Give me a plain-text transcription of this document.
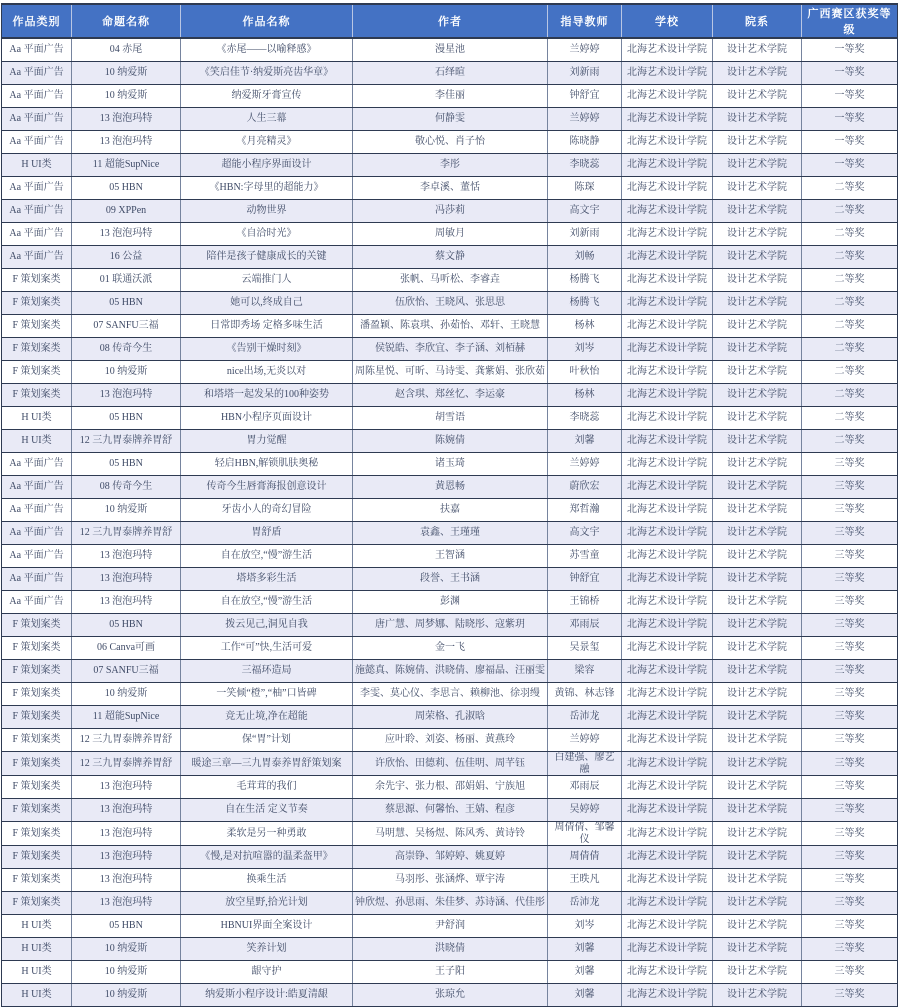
作品类别	命题名称	作品名称	作者	指导教师	学校	院系	广西赛区获奖等级
Aa 平面广告	04 赤尾	《赤尾——以喻释感》	漫星池	兰婷婷	北海艺术设计学院	设计艺术学院	一等奖
Aa 平面广告	10 纳爱斯	《笑启佳节·纳爱斯亮齿华章》	石绎暄	刘新雨	北海艺术设计学院	设计艺术学院	一等奖
Aa 平面广告	10 纳爱斯	纳爱斯牙膏宣传	李佳丽	钟舒宜	北海艺术设计学院	设计艺术学院	一等奖
Aa 平面广告	13 泡泡玛特	人生三幕	何静雯	兰婷婷	北海艺术设计学院	设计艺术学院	一等奖
Aa 平面广告	13 泡泡玛特	《月亮精灵》	敬心悦、肖子怡	陈晓静	北海艺术设计学院	设计艺术学院	一等奖
H UI类	11 超能SupNice	超能小程序界面设计	李彤	李晓蕊	北海艺术设计学院	设计艺术学院	一等奖
Aa 平面广告	05 HBN	《HBN:字母里的超能力》	李卓溪、董恬	陈琛	北海艺术设计学院	设计艺术学院	二等奖
Aa 平面广告	09 XPPen	动物世界	冯莎莉	高文宇	北海艺术设计学院	设计艺术学院	二等奖
Aa 平面广告	13 泡泡玛特	《自洽时光》	周敏月	刘新雨	北海艺术设计学院	设计艺术学院	二等奖
Aa 平面广告	16 公益	陪伴是孩子健康成长的关键	蔡文静	刘畅	北海艺术设计学院	设计艺术学院	二等奖
F 策划案类	01 联通沃派	云端推门人	张帆、马听松、李睿垚	杨腾飞	北海艺术设计学院	设计艺术学院	二等奖
F 策划案类	05 HBN	她可以,终成自己	伍欣怡、王晓风、张思思	杨腾飞	北海艺术设计学院	设计艺术学院	二等奖
F 策划案类	07 SANFU三福	日常即秀场 定格多味生活	潘盈颖、陈袁琪、孙茹怡、邓轩、王晓慧	杨林	北海艺术设计学院	设计艺术学院	二等奖
F 策划案类	08 传奇今生	《告别干燥时刻》	侯锐皓、李欣宜、李子涵、刘栢赫	刘岑	北海艺术设计学院	设计艺术学院	二等奖
F 策划案类	10 纳爱斯	nice出场,无炎以对	周陈星悦、可昕、马诗雯、龚紫娟、张欣茹	叶秋怡	北海艺术设计学院	设计艺术学院	二等奖
F 策划案类	13 泡泡玛特	和塔塔一起发呆的100种姿势	赵含琪、郑丝忆、李运豪	杨林	北海艺术设计学院	设计艺术学院	二等奖
H UI类	05 HBN	HBN小程序页面设计	胡雪语	李晓蕊	北海艺术设计学院	设计艺术学院	二等奖
H UI类	12 三九胃泰牌养胃舒	胃力觉醒	陈婉倩	刘馨	北海艺术设计学院	设计艺术学院	二等奖
Aa 平面广告	05 HBN	轻启HBN,解锁肌肤奥秘	诸玉琦	兰婷婷	北海艺术设计学院	设计艺术学院	三等奖
Aa 平面广告	08 传奇今生	传奇今生唇膏海报创意设计	黄恩畅	蔚欣宏	北海艺术设计学院	设计艺术学院	三等奖
Aa 平面广告	10 纳爱斯	牙齿小人的奇幻冒险	扶嘉	郑哲瀚	北海艺术设计学院	设计艺术学院	三等奖
Aa 平面广告	12 三九胃泰牌养胃舒	胃舒盾	袁鑫、王瑾瑾	高文宇	北海艺术设计学院	设计艺术学院	三等奖
Aa 平面广告	13 泡泡玛特	自在放空,“慢”游生活	王智涵	苏雪童	北海艺术设计学院	设计艺术学院	三等奖
Aa 平面广告	13 泡泡玛特	塔塔多彩生活	段誉、王书涵	钟舒宜	北海艺术设计学院	设计艺术学院	三等奖
Aa 平面广告	13 泡泡玛特	自在放空,“慢”游生活	彭渊	王锦桥	北海艺术设计学院	设计艺术学院	三等奖
F 策划案类	05 HBN	拨云见己,洞见自我	唐广慧、周梦娜、陆晓彤、寇紫玥	邓雨辰	北海艺术设计学院	设计艺术学院	三等奖
F 策划案类	06 Canva可画	工作“可”快,生活可爱	金一飞	吴景玺	北海艺术设计学院	设计艺术学院	三等奖
F 策划案类	07 SANFU三福	三福环造局	施懿真、陈婉倩、洪晓倩、廖福晶、汪丽雯	梁容	北海艺术设计学院	设计艺术学院	三等奖
F 策划案类	10 纳爱斯	一笑倾“橙”,“柚”口皆碑	李雯、莫心仪、李思言、赖柳池、徐羽缦	黄锦、林志锋	北海艺术设计学院	设计艺术学院	三等奖
F 策划案类	11 超能SupNice	竞无止境,净在超能	周荣格、孔淑晗	岳沛龙	北海艺术设计学院	设计艺术学院	三等奖
F 策划案类	12 三九胃泰牌养胃舒	保“胃”计划	应叶聆、刘姿、杨丽、黄燕玲	兰婷婷	北海艺术设计学院	设计艺术学院	三等奖
F 策划案类	12 三九胃泰牌养胃舒	暖途三章—三九胃泰养胃舒策划案	许欣怡、田德莉、伍佳明、周芊钰	白建强、廖艺融	北海艺术设计学院	设计艺术学院	三等奖
F 策划案类	13 泡泡玛特	毛茸茸的我们	余先宇、张力根、邵娟娟、宁族旭	邓雨辰	北海艺术设计学院	设计艺术学院	三等奖
F 策划案类	13 泡泡玛特	自在生活 定义节奏	蔡思源、何馨怡、王婧、程彦	吴婷婷	北海艺术设计学院	设计艺术学院	三等奖
F 策划案类	13 泡泡玛特	柔软是另一种勇敢	马明慧、吴杨煜、陈风秀、黄诗铃	周倩倩、邹馨仪	北海艺术设计学院	设计艺术学院	三等奖
F 策划案类	13 泡泡玛特	《慢,是对抗喧嚣的温柔盔甲》	高崇铮、邹婷婷、姚夏婷	周倩倩	北海艺术设计学院	设计艺术学院	三等奖
F 策划案类	13 泡泡玛特	换乘生活	马羽彤、张涵烨、覃宇涛	王昳凡	北海艺术设计学院	设计艺术学院	三等奖
F 策划案类	13 泡泡玛特	放空星野,拾光计划	钟欣煜、孙思雨、朱佳梦、苏诗涵、代佳彤	岳沛龙	北海艺术设计学院	设计艺术学院	三等奖
H UI类	05 HBN	HBNUI界面全案设计	尹舒润	刘岑	北海艺术设计学院	设计艺术学院	三等奖
H UI类	10 纳爱斯	笑养计划	洪晓倩	刘馨	北海艺术设计学院	设计艺术学院	三等奖
H UI类	10 纳爱斯	龈守护	王子阳	刘馨	北海艺术设计学院	设计艺术学院	三等奖
H UI类	10 纳爱斯	纳爱斯小程序设计:皓夏清龈	张琼允	刘馨	北海艺术设计学院	设计艺术学院	三等奖
